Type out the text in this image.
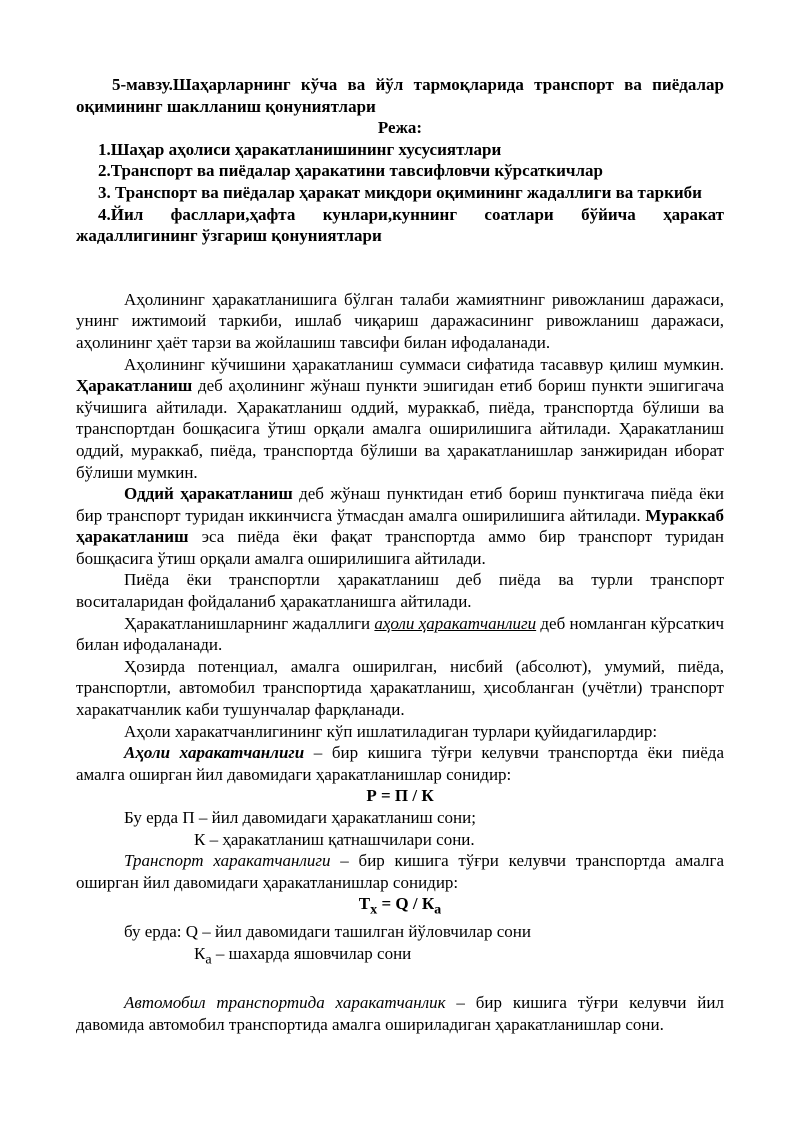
5-мавзу.Шаҳарларнинг кўча ва йўл тармоқларида транспорт ва пиёдалар оқимининг шаклланиш қонуниятлари

Режа:

1.Шаҳар аҳолиси ҳаракатланишининг хусусиятлари

2.Транспорт ва пиёдалар ҳаракатини тавсифловчи кўрсаткичлар

3. Транспорт ва пиёдалар ҳаракат миқдори оқимининг жадаллиги ва таркиби

4.Йил фасллари,ҳафта кунлари,куннинг соатлари бўйича ҳаракат жадаллигининг ўзгариш қонуниятлари

Аҳолининг ҳаракатланишига бўлган талаби жамиятнинг ривожланиш даражаси, унинг ижтимоий таркиби, ишлаб чиқариш даражасининг ривожланиш даражаси, аҳолининг ҳаёт тарзи ва жойлашиш тавсифи билан ифодаланади.

Аҳолининг кўчишини ҳаракатланиш суммаси сифатида тасаввур қилиш мумкин. Ҳаракатланиш деб аҳолининг жўнаш пункти эшигидан етиб бориш пункти эшигигача кўчишига айтилади. Ҳаракатланиш оддий, мураккаб, пиёда, транспортда бўлиши ва транспортдан бошқасига ўтиш орқали амалга оширилишига айтилади. Ҳаракатланиш оддий, мураккаб, пиёда, транспортда бўлиши ва ҳаракатланишлар занжиридан иборат бўлиши мумкин.

Оддий ҳаракатланиш деб жўнаш пунктидан етиб бориш пунктигача пиёда ёки бир транспорт туридан иккинчисга ўтмасдан амалга оширилишига айтилади. Мураккаб ҳаракатланиш эса пиёда ёки фақат транспортда аммо бир транспорт туридан бошқасига ўтиш орқали амалга оширилишига айтилади.

Пиёда ёки транспортли ҳаракатланиш деб пиёда ва турли транспорт воситаларидан фойдаланиб ҳаракатланишга айтилади.

Ҳаракатланишларнинг жадаллиги аҳоли ҳаракатчанлиги деб номланган кўрсаткич билан ифодаланади.

Ҳозирда потенциал, амалга оширилган, нисбий (абсолют), умумий, пиёда, транспортли, автомобил транспортида ҳаракатланиш, ҳисобланган (учётли) транспорт харакатчанлик каби тушунчалар фарқланади.

Аҳоли харакатчанлигининг кўп ишлатиладиган турлари қуйидагилардир:

Аҳоли харакатчанлиги – бир кишига тўғри келувчи транспортда ёки пиёда амалга оширган йил давомидаги ҳаракатланишлар сонидир:

Р = П / К

Бу ерда П – йил давомидаги ҳаракатланиш сони;

К – ҳаракатланиш қатнашчилари сони.

Транспорт харакатчанлиги – бир кишига тўғри келувчи транспортда амалга оширган йил давомидаги ҳаракатланишлар сонидир:

$Т_х = Q / К_а$

бу ерда: Q – йил давомидаги ташилган йўловчилар сони

$К_а$ – шахарда яшовчилар сони

Автомобил транспортида харакатчанлик – бир кишига тўғри келувчи йил давомида автомобил транспортида амалга ошириладиган ҳаракатланишлар сони.
